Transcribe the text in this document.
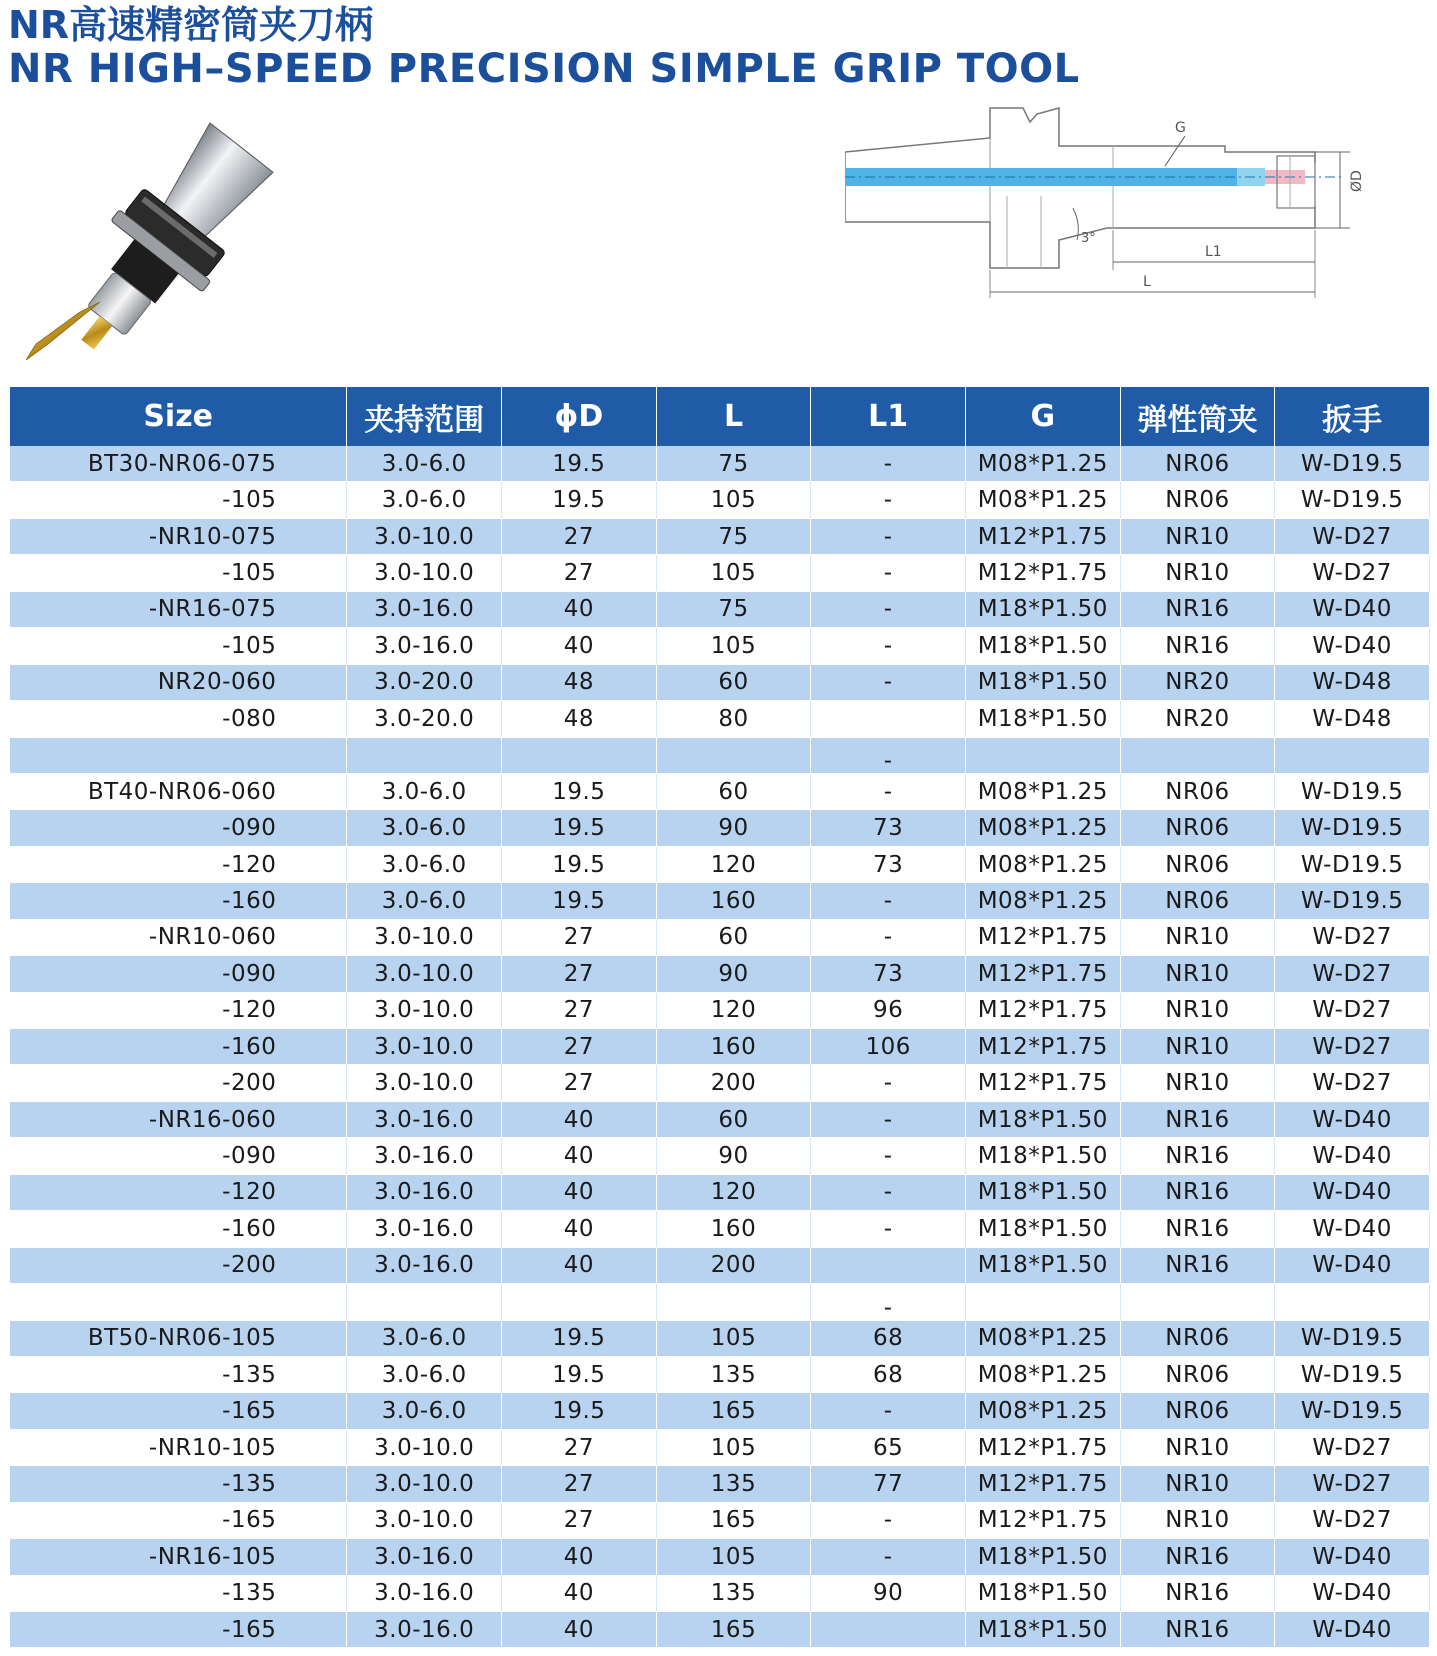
NR高速精密筒夹刀柄
NR HIGH–SPEED PRECISION SIMPLE GRIP TOOL
ØD
G
3°
L1
L
Size	夹持范围	ϕD	L	L1	G	弹性筒夹	扳手
BT30-NR06-075	3.0-6.0	19.5	75	-	M08*P1.25	NR06	W-D19.5
-105	3.0-6.0	19.5	105	-	M08*P1.25	NR06	W-D19.5
-NR10-075	3.0-10.0	27	75	-	M12*P1.75	NR10	W-D27
-105	3.0-10.0	27	105	-	M12*P1.75	NR10	W-D27
-NR16-075	3.0-16.0	40	75	-	M18*P1.50	NR16	W-D40
-105	3.0-16.0	40	105	-	M18*P1.50	NR16	W-D40
NR20-060	3.0-20.0	48	60	-	M18*P1.50	NR20	W-D48
-080	3.0-20.0	48	80		M18*P1.50	NR20	W-D48
				-			
BT40-NR06-060	3.0-6.0	19.5	60	-	M08*P1.25	NR06	W-D19.5
-090	3.0-6.0	19.5	90	73	M08*P1.25	NR06	W-D19.5
-120	3.0-6.0	19.5	120	73	M08*P1.25	NR06	W-D19.5
-160	3.0-6.0	19.5	160	-	M08*P1.25	NR06	W-D19.5
-NR10-060	3.0-10.0	27	60	-	M12*P1.75	NR10	W-D27
-090	3.0-10.0	27	90	73	M12*P1.75	NR10	W-D27
-120	3.0-10.0	27	120	96	M12*P1.75	NR10	W-D27
-160	3.0-10.0	27	160	106	M12*P1.75	NR10	W-D27
-200	3.0-10.0	27	200	-	M12*P1.75	NR10	W-D27
-NR16-060	3.0-16.0	40	60	-	M18*P1.50	NR16	W-D40
-090	3.0-16.0	40	90	-	M18*P1.50	NR16	W-D40
-120	3.0-16.0	40	120	-	M18*P1.50	NR16	W-D40
-160	3.0-16.0	40	160	-	M18*P1.50	NR16	W-D40
-200	3.0-16.0	40	200		M18*P1.50	NR16	W-D40
				-			
BT50-NR06-105	3.0-6.0	19.5	105	68	M08*P1.25	NR06	W-D19.5
-135	3.0-6.0	19.5	135	68	M08*P1.25	NR06	W-D19.5
-165	3.0-6.0	19.5	165	-	M08*P1.25	NR06	W-D19.5
-NR10-105	3.0-10.0	27	105	65	M12*P1.75	NR10	W-D27
-135	3.0-10.0	27	135	77	M12*P1.75	NR10	W-D27
-165	3.0-10.0	27	165	-	M12*P1.75	NR10	W-D27
-NR16-105	3.0-16.0	40	105	-	M18*P1.50	NR16	W-D40
-135	3.0-16.0	40	135	90	M18*P1.50	NR16	W-D40
-165	3.0-16.0	40	165		M18*P1.50	NR16	W-D40
